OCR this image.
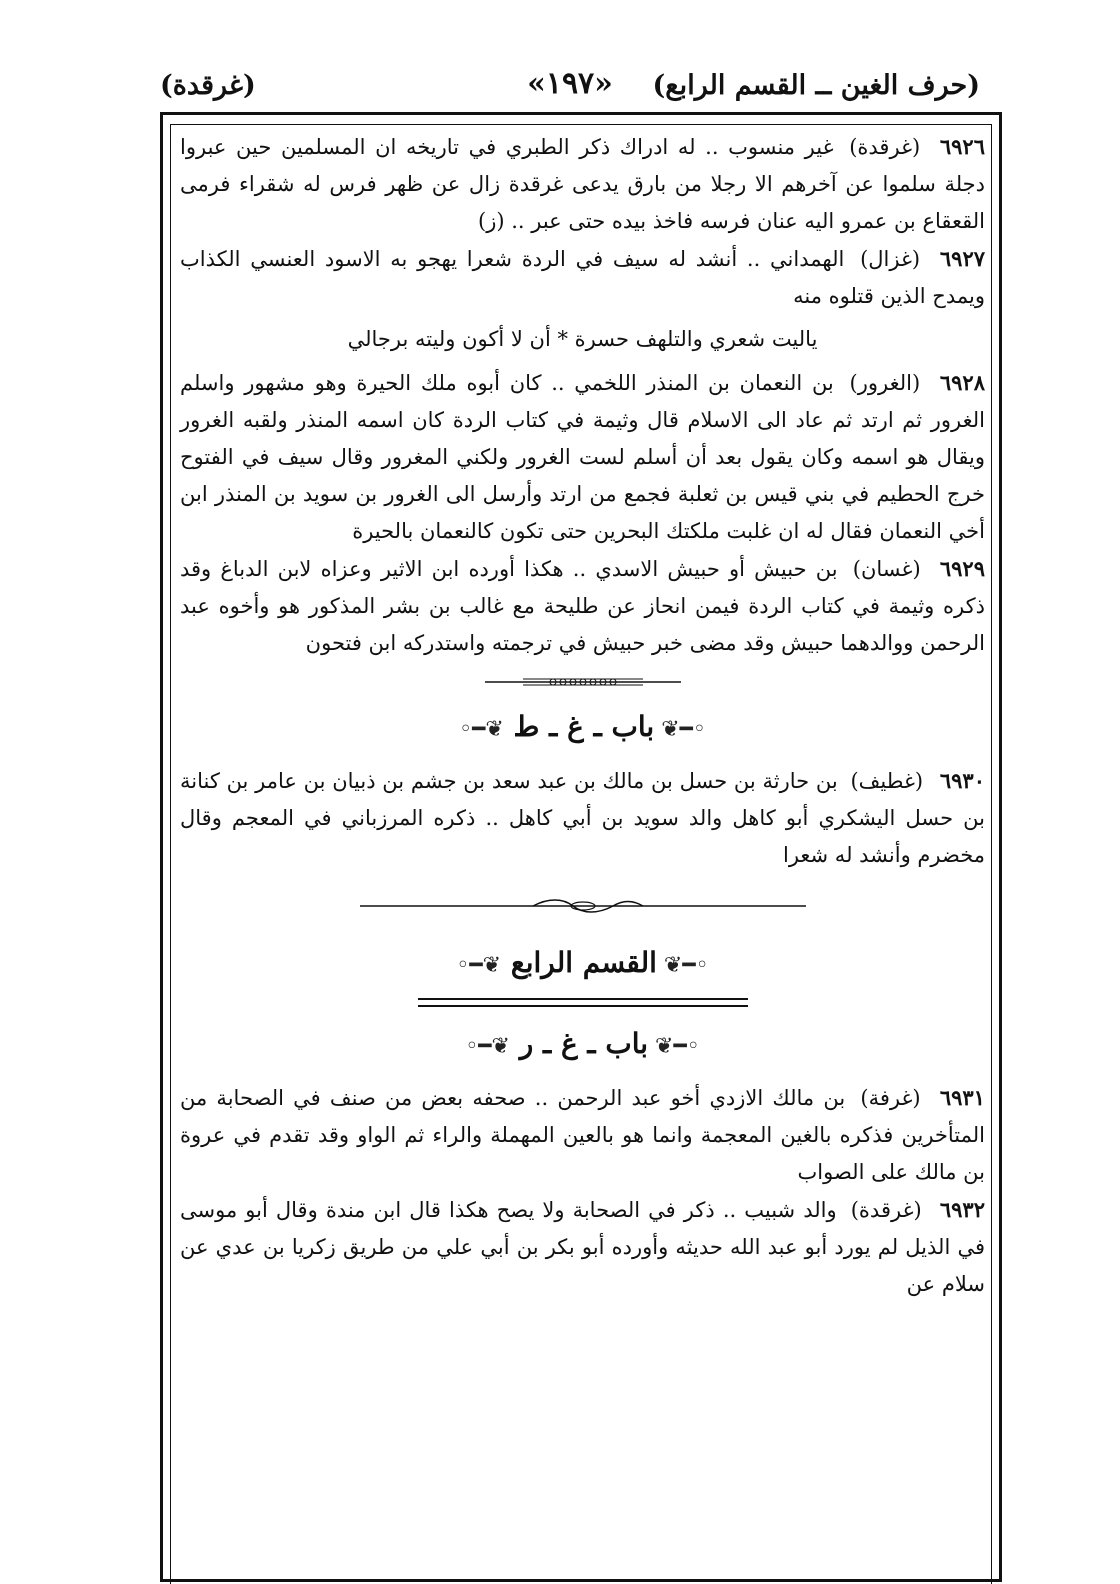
(حرف الغين ــ القسم الرابع)
«١٩٧»
(غرقدة)

٦٩٢٦ (غرقدة) غير منسوب .. له ادراك ذكر الطبري في تاريخه ان المسلمين حين عبروا دجلة سلموا عن آخرهم الا رجلا من بارق يدعى غرقدة زال عن ظهر فرس له شقراء فرمى القعقاع بن عمرو اليه عنان فرسه فاخذ بيده حتى عبر .. (ز)

٦٩٢٧ (غزال) الهمداني .. أنشد له سيف في الردة شعرا يهجو به الاسود العنسي الكذاب ويمدح الذين قتلوه منه

ياليت شعري والتلهف حسرة * أن لا أكون وليته برجالي

٦٩٢٨ (الغرور) بن النعمان بن المنذر اللخمي .. كان أبوه ملك الحيرة وهو مشهور واسلم الغرور ثم ارتد ثم عاد الى الاسلام قال وثيمة في كتاب الردة كان اسمه المنذر ولقبه الغرور ويقال هو اسمه وكان يقول بعد أن أسلم لست الغرور ولكني المغرور وقال سيف في الفتوح خرج الحطيم في بني قيس بن ثعلبة فجمع من ارتد وأرسل الى الغرور بن سويد بن المنذر ابن أخي النعمان فقال له ان غلبت ملكتك البحرين حتى تكون كالنعمان بالحيرة

٦٩٢٩ (غسان) بن حبيش أو حبيش الاسدي .. هكذا أورده ابن الاثير وعزاه لابن الدباغ وقد ذكره وثيمة في كتاب الردة فيمن انحاز عن طليحة مع غالب بن بشر المذكور هو وأخوه عبد الرحمن ووالدهما حبيش وقد مضى خبر حبيش في ترجمته واستدركه ابن فتحون

◦━❦ باب ـ غ ـ ط ❦━◦

٦٩٣٠ (غطيف) بن حارثة بن حسل بن مالك بن عبد سعد بن جشم بن ذبيان بن عامر بن كنانة بن حسل اليشكري أبو كاهل والد سويد بن أبي كاهل .. ذكره المرزباني في المعجم وقال مخضرم وأنشد له شعرا

◦━❦ القسم الرابع ❦━◦
◦━❦ باب ـ غ ـ ر ❦━◦

٦٩٣١ (غرفة) بن مالك الازدي أخو عبد الرحمن .. صحفه بعض من صنف في الصحابة من المتأخرين فذكره بالغين المعجمة وانما هو بالعين المهملة والراء ثم الواو وقد تقدم في عروة بن مالك على الصواب

٦٩٣٢ (غرقدة) والد شبيب .. ذكر في الصحابة ولا يصح هكذا قال ابن مندة وقال أبو موسى في الذيل لم يورد أبو عبد الله حديثه وأورده أبو بكر بن أبي علي من طريق زكريا بن عدي عن سلام عن
